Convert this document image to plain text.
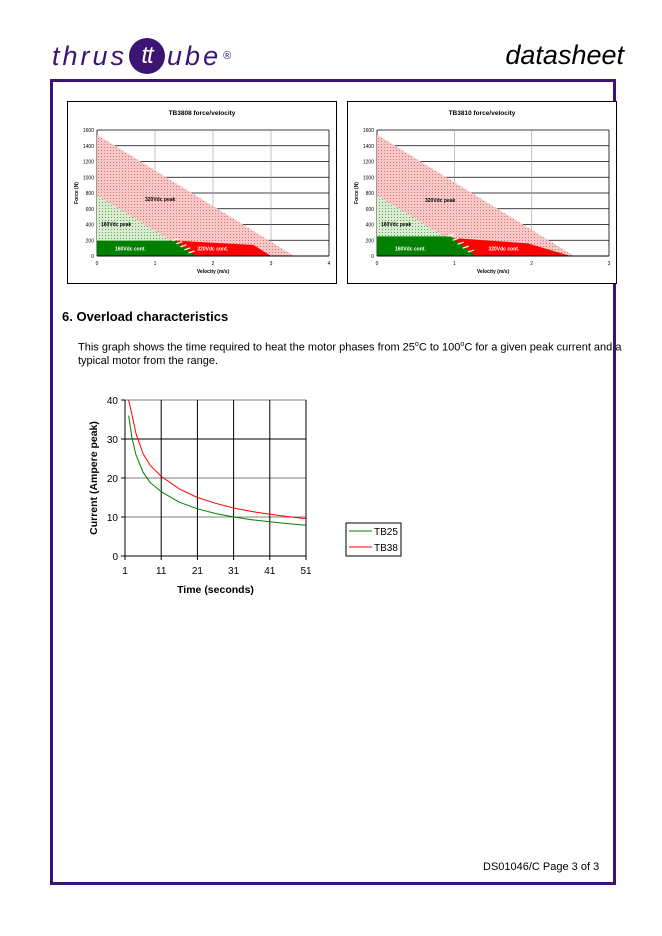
thrus tt ube ®	datasheet
TB3808 force/velocity
0
200
400
600
800
1000
1200
1400
1600
0	1	2	3	4
320Vdc peak
160Vdc peak
160Vdc cont.	320Vdc cont.
Velocity (m/s)
Force (N)
TB3810 force/velocity
0
200
400
600
800
1000
1200
1400
1600
0	1	2	3
320Vdc peak
160Vdc peak
160Vdc cont.	320Vdc cont.
Velocity (m/s)
Force (N)
6. Overload characteristics
This graph shows the time required to heat the motor phases from 25$^o$C to 100$^o$C for a given peak current and a typical motor from the range.
0
10
20
30
40
1	11	21	31	41	51
Time (seconds)
Current (Ampere peak)	TB25
TB38
DS01046/C Page 3 of 3
